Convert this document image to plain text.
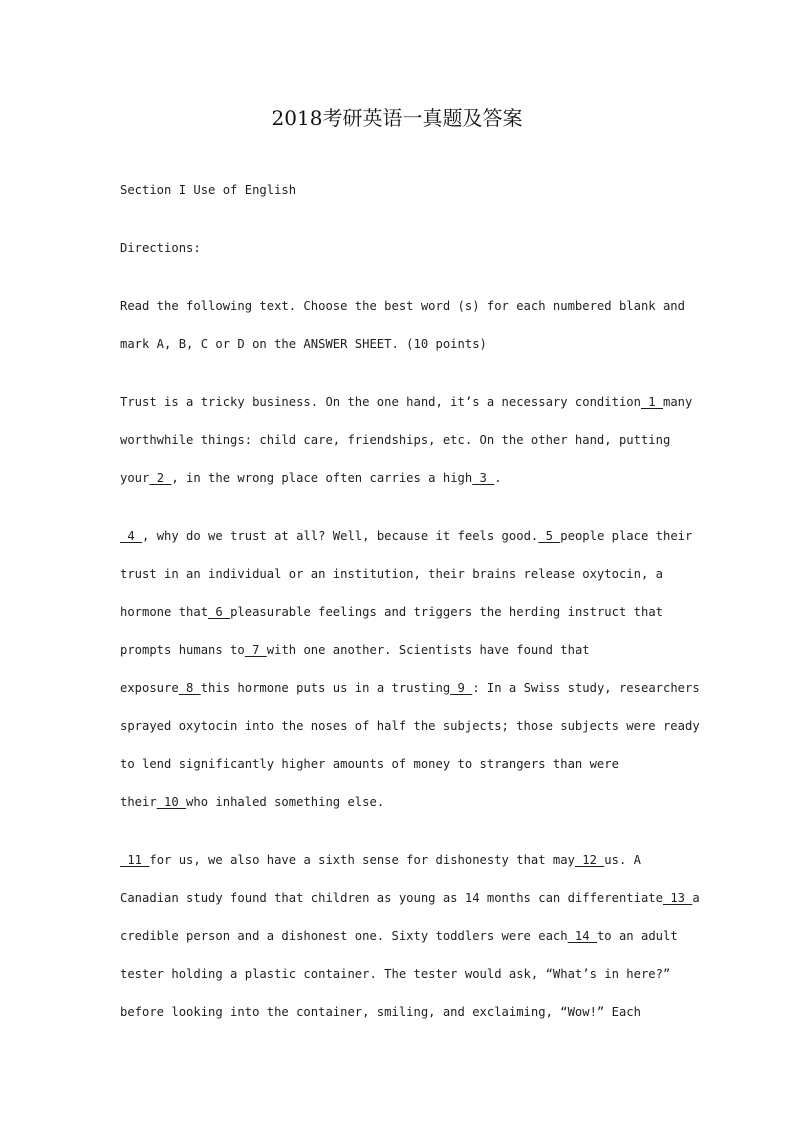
2018考研英语一真题及答案
Section I Use of English
Directions:
Read the following text. Choose the best word (s) for each numbered blank and
mark A, B, C or D on the ANSWER SHEET. (10 points)
Trust is a tricky business. On the one hand, it’s a necessary condition 1 many
worthwhile things: child care, friendships, etc. On the other hand, putting
your 2 , in the wrong place often carries a high 3 .
4 , why do we trust at all? Well, because it feels good. 5 people place their
trust in an individual or an institution, their brains release oxytocin, a
hormone that 6 pleasurable feelings and triggers the herding instruct that
prompts humans to 7 with one another. Scientists have found that
exposure 8 this hormone puts us in a trusting 9 : In a Swiss study, researchers
sprayed oxytocin into the noses of half the subjects; those subjects were ready
to lend significantly higher amounts of money to strangers than were
their 10 who inhaled something else.
11 for us, we also have a sixth sense for dishonesty that may 12 us. A
Canadian study found that children as young as 14 months can differentiate 13 a
credible person and a dishonest one. Sixty toddlers were each 14 to an adult
tester holding a plastic container. The tester would ask, “What’s in here?”
before looking into the container, smiling, and exclaiming, “Wow!” Each
